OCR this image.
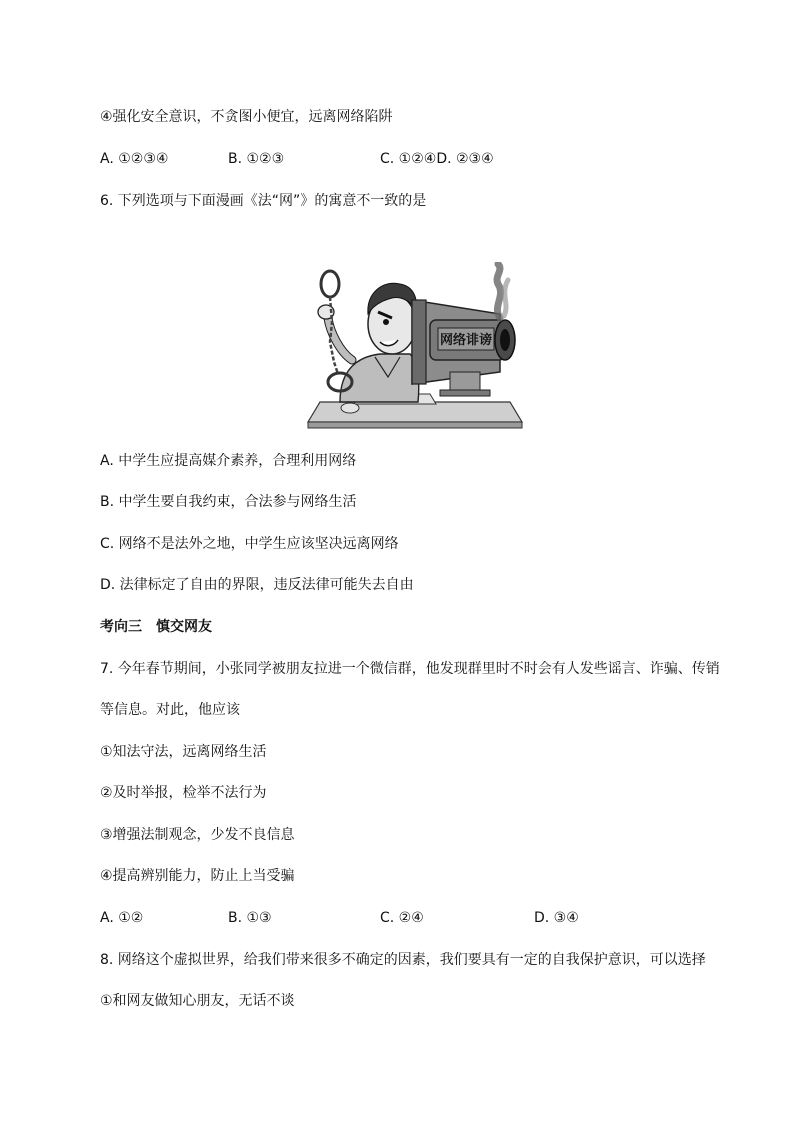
④强化安全意识，不贪图小便宜，远离网络陷阱
A. ①②③④	B. ①②③	C. ①②④D. ②③④
6. 下列选项与下面漫画《法“网”》的寓意不一致的是
网络诽谤
A. 中学生应提高媒介素养，合理利用网络
B. 中学生要自我约束，合法参与网络生活
C. 网络不是法外之地，中学生应该坚决远离网络
D. 法律标定了自由的界限，违反法律可能失去自由
考向三　慎交网友
7. 今年春节期间，小张同学被朋友拉进一个微信群，他发现群里时不时会有人发些谣言、诈骗、传销
等信息。对此，他应该
①知法守法，远离网络生活
②及时举报，检举不法行为
③增强法制观念，少发不良信息
④提高辨别能力，防止上当受骗
A. ①②	B. ①③	C. ②④	D. ③④
8. 网络这个虚拟世界，给我们带来很多不确定的因素，我们要具有一定的自我保护意识，可以选择
①和网友做知心朋友，无话不谈
